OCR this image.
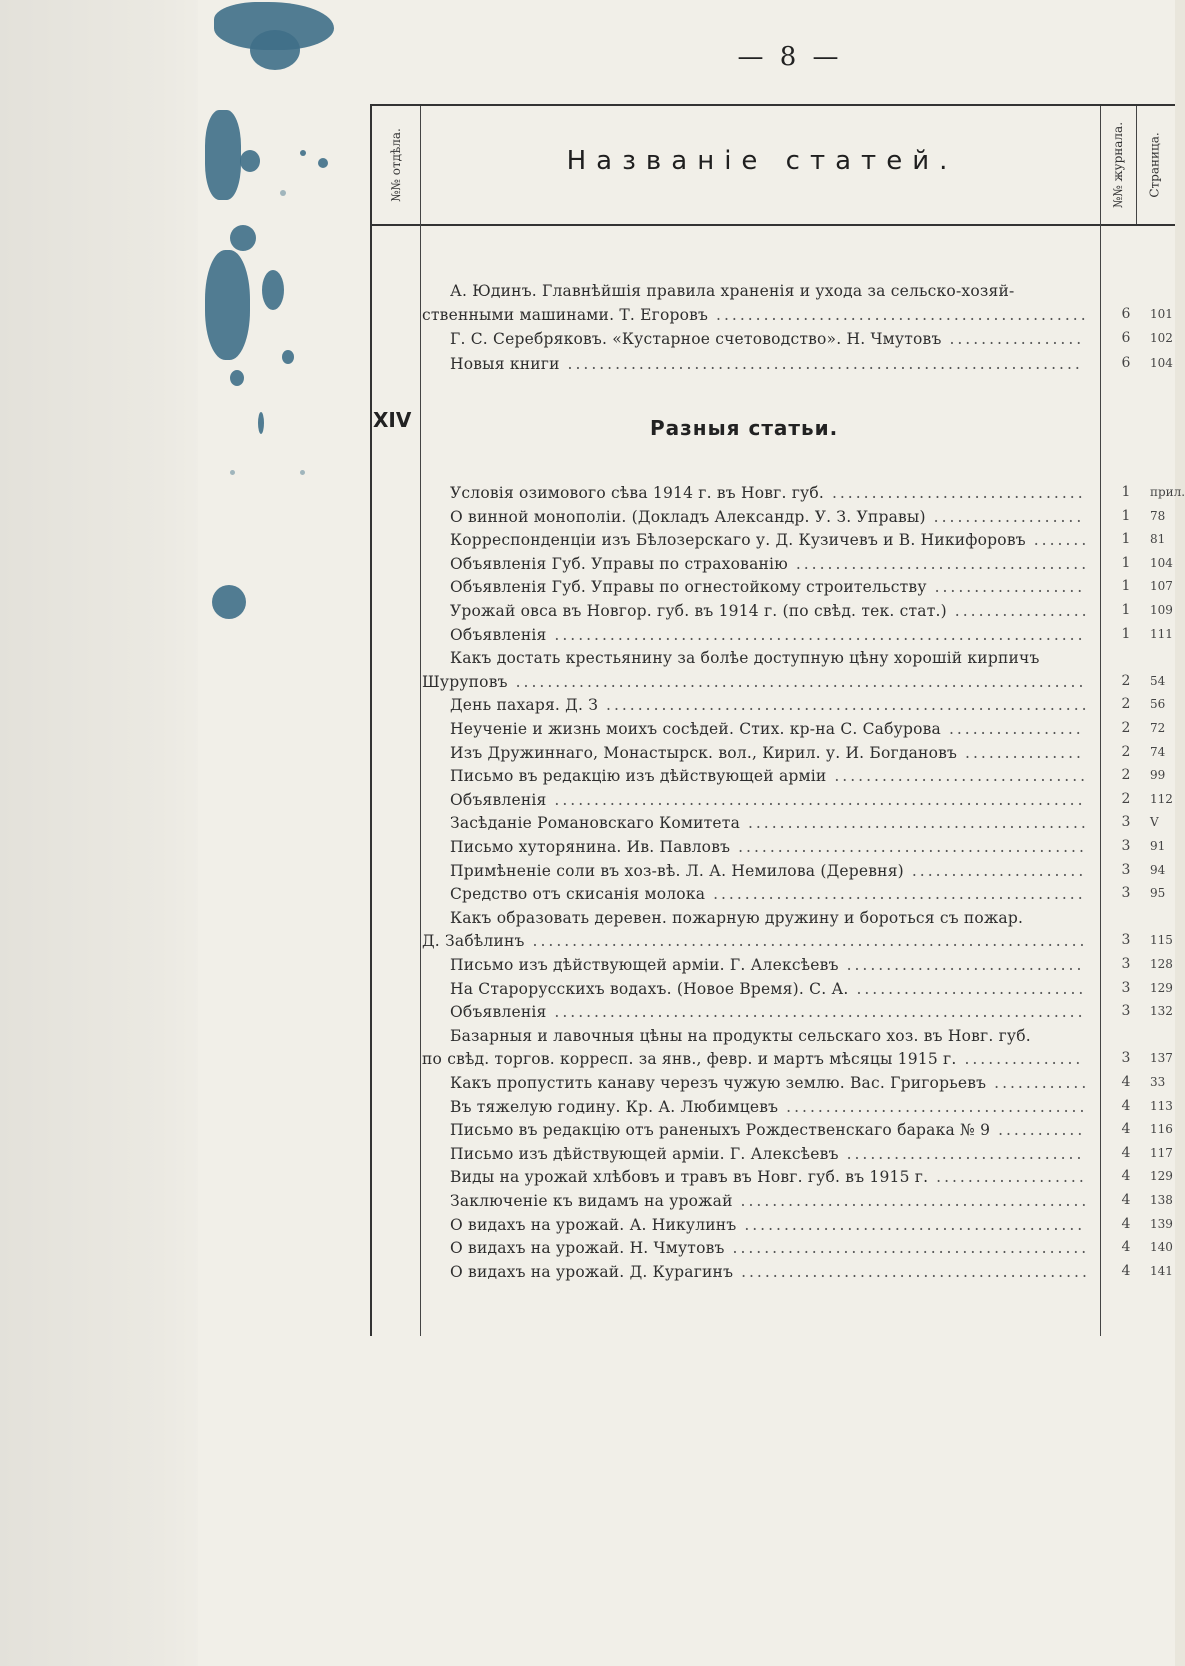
— 8 —
№№ отдѣла.	Названіе статей.	№№ журнала. Страница.
XIV	Разныя статьи.
А. Юдинъ. Главнѣйшія правила храненія и ухода за сельско-хозяй-
ственными машинами. Т. Егоровъ ...............................................	6	101
Г. С. Серебряковъ. «Кустарное счетоводство». Н. Чмутовъ .................	6	102
Новыя книги .................................................................	6	104
Условія озимового сѣва 1914 г. въ Новг. губ. ................................	1	прил.
О винной монополіи. (Докладъ Александр. У. З. Управы) ...................	1	78
Корреспонденціи изъ Бѣлозерскаго у. Д. Кузичевъ и В. Никифоровъ .......	1	81
Объявленія Губ. Управы по страхованію .....................................	1	104
Объявленія Губ. Управы по огнестойкому строительству ...................	1	107
Урожай овса въ Новгор. губ. въ 1914 г. (по свѣд. тек. стат.) .................	1	109
Объявленія ...................................................................	1	111
Какъ достать крестьянину за болѣе доступную цѣну хорошій кирпичъ
Шуруповъ ........................................................................	2	54
День пахаря. Д. З .............................................................	2	56
Неученіе и жизнь моихъ сосѣдей. Стих. кр-на С. Сабурова .................	2	72
Изъ Дружиннаго, Монастырск. вол., Кирил. у. И. Богдановъ ...............	2	74
Письмо въ редакцію изъ дѣйствующей арміи ................................	2	99
Объявленія ...................................................................	2	112
Засѣданіе Романовскаго Комитета ...........................................	3	V
Письмо хуторянина. Ив. Павловъ ............................................	3	91
Примѣненіе соли въ хоз-вѣ. Л. А. Немилова (Деревня) ......................	3	94
Средство отъ скисанія молока ...............................................	3	95
Какъ образовать деревен. пожарную дружину и бороться съ пожар.
Д. Забѣлинъ ......................................................................	3	115
Письмо изъ дѣйствующей арміи. Г. Алексѣевъ ..............................	3	128
На Старорусскихъ водахъ. (Новое Время). С. А. .............................	3	129
Объявленія ...................................................................	3	132
Базарныя и лавочныя цѣны на продукты сельскаго хоз. въ Новг. губ.
по свѣд. торгов. корресп. за янв., февр. и мартъ мѣсяцы 1915 г. ...............	3	137
Какъ пропустить канаву черезъ чужую землю. Вас. Григорьевъ ............	4	33
Въ тяжелую годину. Кр. А. Любимцевъ ......................................	4	113
Письмо въ редакцію отъ раненыхъ Рождественскаго барака № 9 ...........	4	116
Письмо изъ дѣйствующей арміи. Г. Алексѣевъ ..............................	4	117
Виды на урожай хлѣбовъ и травъ въ Новг. губ. въ 1915 г. ...................	4	129
Заключеніе къ видамъ на урожай ............................................	4	138
О видахъ на урожай. А. Никулинъ ...........................................	4	139
О видахъ на урожай. Н. Чмутовъ .............................................	4	140
О видахъ на урожай. Д. Курагинъ ............................................	4	141
